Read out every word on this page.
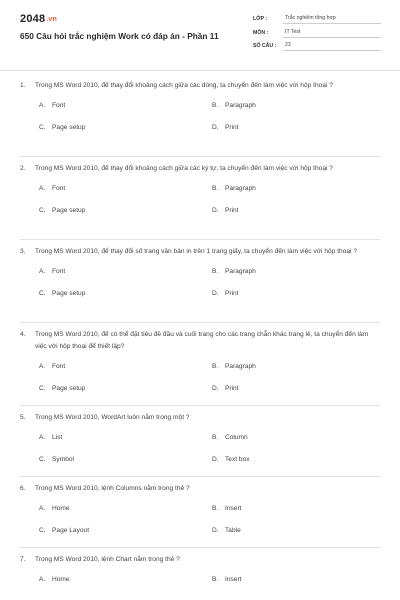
2048.vn
650 Câu hỏi trắc nghiệm Work có đáp án - Phần 11
LỚP :	Trắc nghiệm tổng hợp
MÔN :	IT Test
SỐ CÂU :	23
1.	Trong MS Word 2010, để thay đổi khoảng cách giữa các dòng, ta chuyển đến làm việc với hộp thoại ?
A. Font	B. Paragraph
C. Page setup	D. Print
2.	Trong MS Word 2010, để thay đổi khoảng cách giữa các ký tự, ta chuyển đến làm việc với hộp thoại ?
A. Font	B. Paragraph
C. Page setup	D. Print
3.	Trong MS Word 2010, để thay đổi số trang văn bản in trên 1 trang giấy, ta chuyển đến làm việc với hộp thoại ?
A. Font	B. Paragraph
C. Page setup	D. Print
4.	Trong MS Word 2010, để có thể đặt tiêu đề đầu và cuối trang cho các trang chẵn khác trang lẻ, ta chuyển đến làm việc với hộp thoại để thiết lập?
A. Font	B. Paragraph
C. Page setup	D. Print
5.	Trong MS Word 2010, WordArt luôn nằm trong một ?
A. List	B. Column
C. Symbol	D. Text box
6.	Trong MS Word 2010, lệnh Columns nằm trong thẻ ?
A. Home	B. Insert
C. Page Layout	D. Table
7.	Trong MS Word 2010, lệnh Chart nằm trong thẻ ?
A. Home	B. Insert
